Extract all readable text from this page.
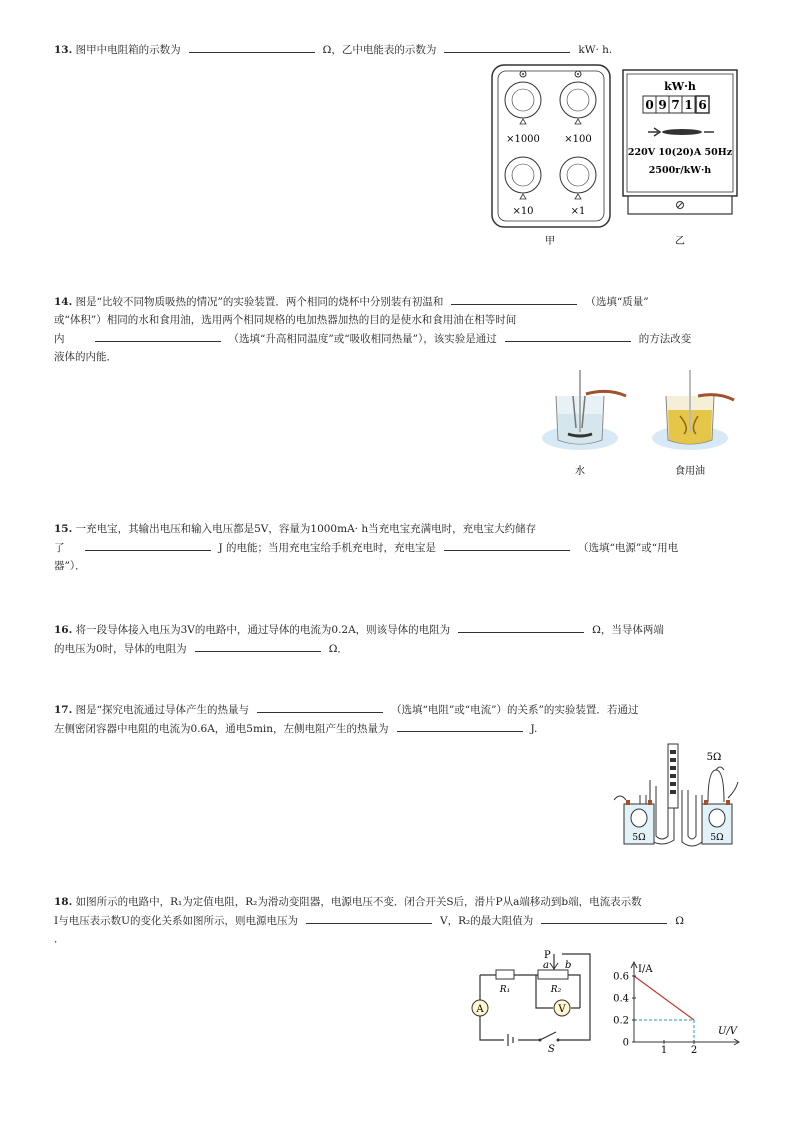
13. 图甲中电阻箱的示数为	Ω，乙中电能表的示数为	kW· h.
×1000 ×100
×10	×1
甲
kW·h
0 9 7 1 6
220V 10(20)A 50Hz
2500r/kW·h
乙
14. 图是“比较不同物质吸热的情况”的实验装置．两个相同的烧杯中分别装有初温和	（选填“质量”
或“体积”）相同的水和食用油，选用两个相同规格的电加热器加热的目的是使水和食用油在相等时间
内	（选填“升高相同温度”或“吸收相同热量”），该实验是通过	的方法改变
液体的内能．
水	食用油
15. 一充电宝，其输出电压和输入电压都是5V，容量为1000mA· h当充电宝充满电时，充电宝大约储存
了	J 的电能；当用充电宝给手机充电时，充电宝是	（选填“电源”或“用电
器”）．
16. 将一段导体接入电压为3V的电路中，通过导体的电流为0.2A，则该导体的电阻为	Ω，当导体两端
的电压为0时，导体的电阻为	Ω．
17. 图是“探究电流通过导体产生的热量与	（选填“电阻”或“电流”）的关系”的实验装置．若通过
左侧密闭容器中电阻的电流为0.6A，通电5min，左侧电阻产生的热量为	J.
5Ω	5Ω
5Ω
18. 如图所示的电路中，R₁为定值电阻，R₂为滑动变阻器，电源电压不变．闭合开关S后，滑片P从a端移动到b端，电流表示数
I与电压表示数U的变化关系如图所示，则电源电压为	V，R₂的最大阻值为	Ω
．
P
a b
R₁	R₂
A	V
S
I/A
U/V
0.6
0.4
0.2
0
1 2
